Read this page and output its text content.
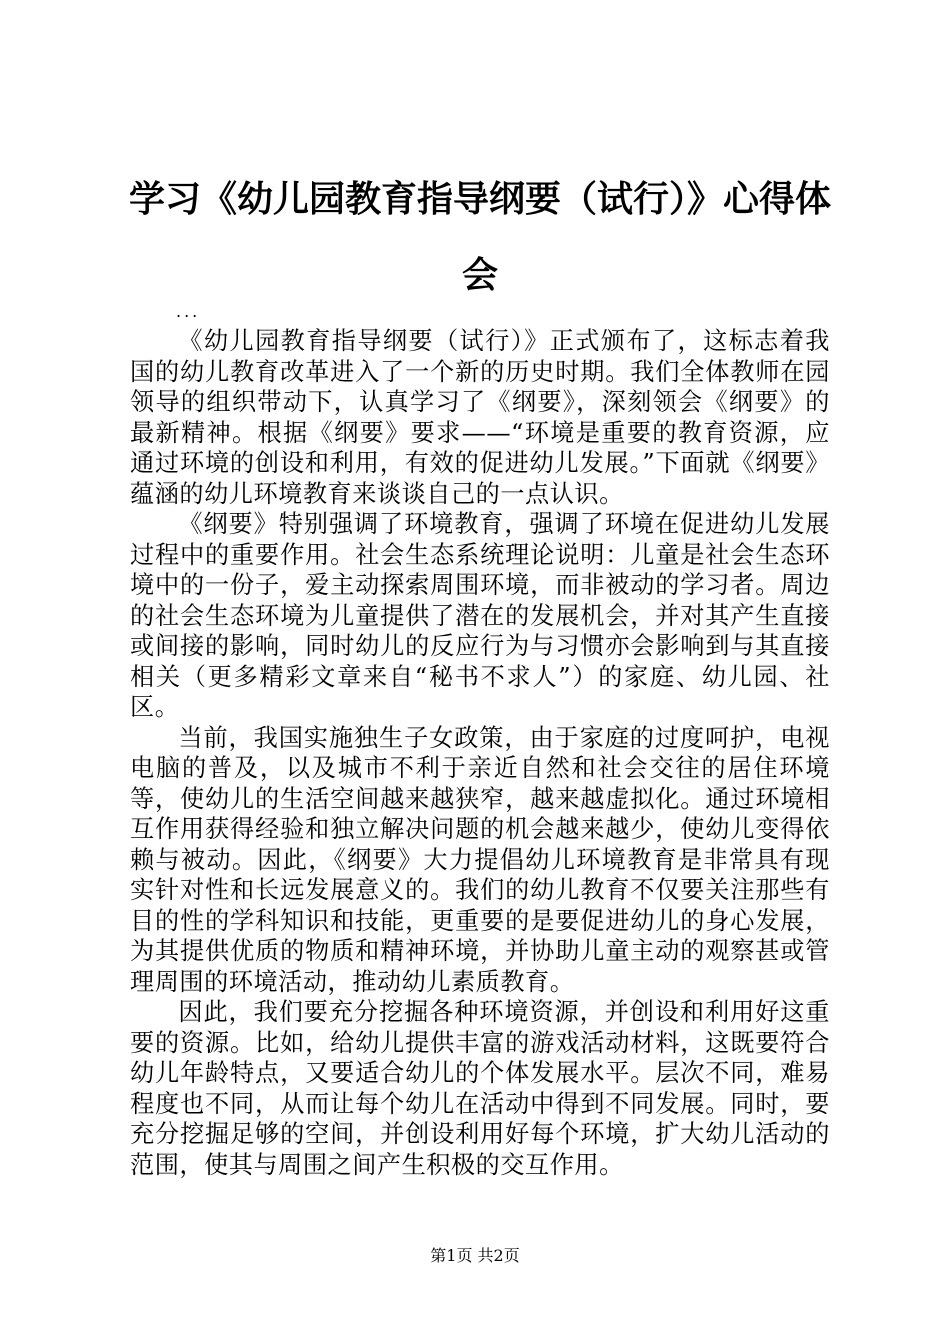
学习《幼儿园教育指导纲要（试行）》心得体会
...

《幼儿园教育指导纲要（试行）》正式颁布了，这标志着我国的幼儿教育改革进入了一个新的历史时期。我们全体教师在园领导的组织带动下，认真学习了《纲要》，深刻领会《纲要》的最新精神。根据《纲要》要求——“环境是重要的教育资源，应通过环境的创设和利用，有效的促进幼儿发展。”下面就《纲要》蕴涵的幼儿环境教育来谈谈自己的一点认识。

《纲要》特别强调了环境教育，强调了环境在促进幼儿发展过程中的重要作用。社会生态系统理论说明：儿童是社会生态环境中的一份子，爱主动探索周围环境，而非被动的学习者。周边的社会生态环境为儿童提供了潜在的发展机会，并对其产生直接或间接的影响，同时幼儿的反应行为与习惯亦会影响到与其直接相关（更多精彩文章来自“秘书不求人”）的家庭、幼儿园、社区。

当前，我国实施独生子女政策，由于家庭的过度呵护，电视电脑的普及，以及城市不利于亲近自然和社会交往的居住环境等，使幼儿的生活空间越来越狭窄，越来越虚拟化。通过环境相互作用获得经验和独立解决问题的机会越来越少，使幼儿变得依赖与被动。因此，《纲要》大力提倡幼儿环境教育是非常具有现实针对性和长远发展意义的。我们的幼儿教育不仅要关注那些有目的性的学科知识和技能，更重要的是要促进幼儿的身心发展，为其提供优质的物质和精神环境，并协助儿童主动的观察甚或管理周围的环境活动，推动幼儿素质教育。

因此，我们要充分挖掘各种环境资源，并创设和利用好这重要的资源。比如，给幼儿提供丰富的游戏活动材料，这既要符合幼儿年龄特点，又要适合幼儿的个体发展水平。层次不同，难易程度也不同，从而让每个幼儿在活动中得到不同发展。同时，要充分挖掘足够的空间，并创设利用好每个环境，扩大幼儿活动的范围，使其与周围之间产生积极的交互作用。

第1页 共2页
